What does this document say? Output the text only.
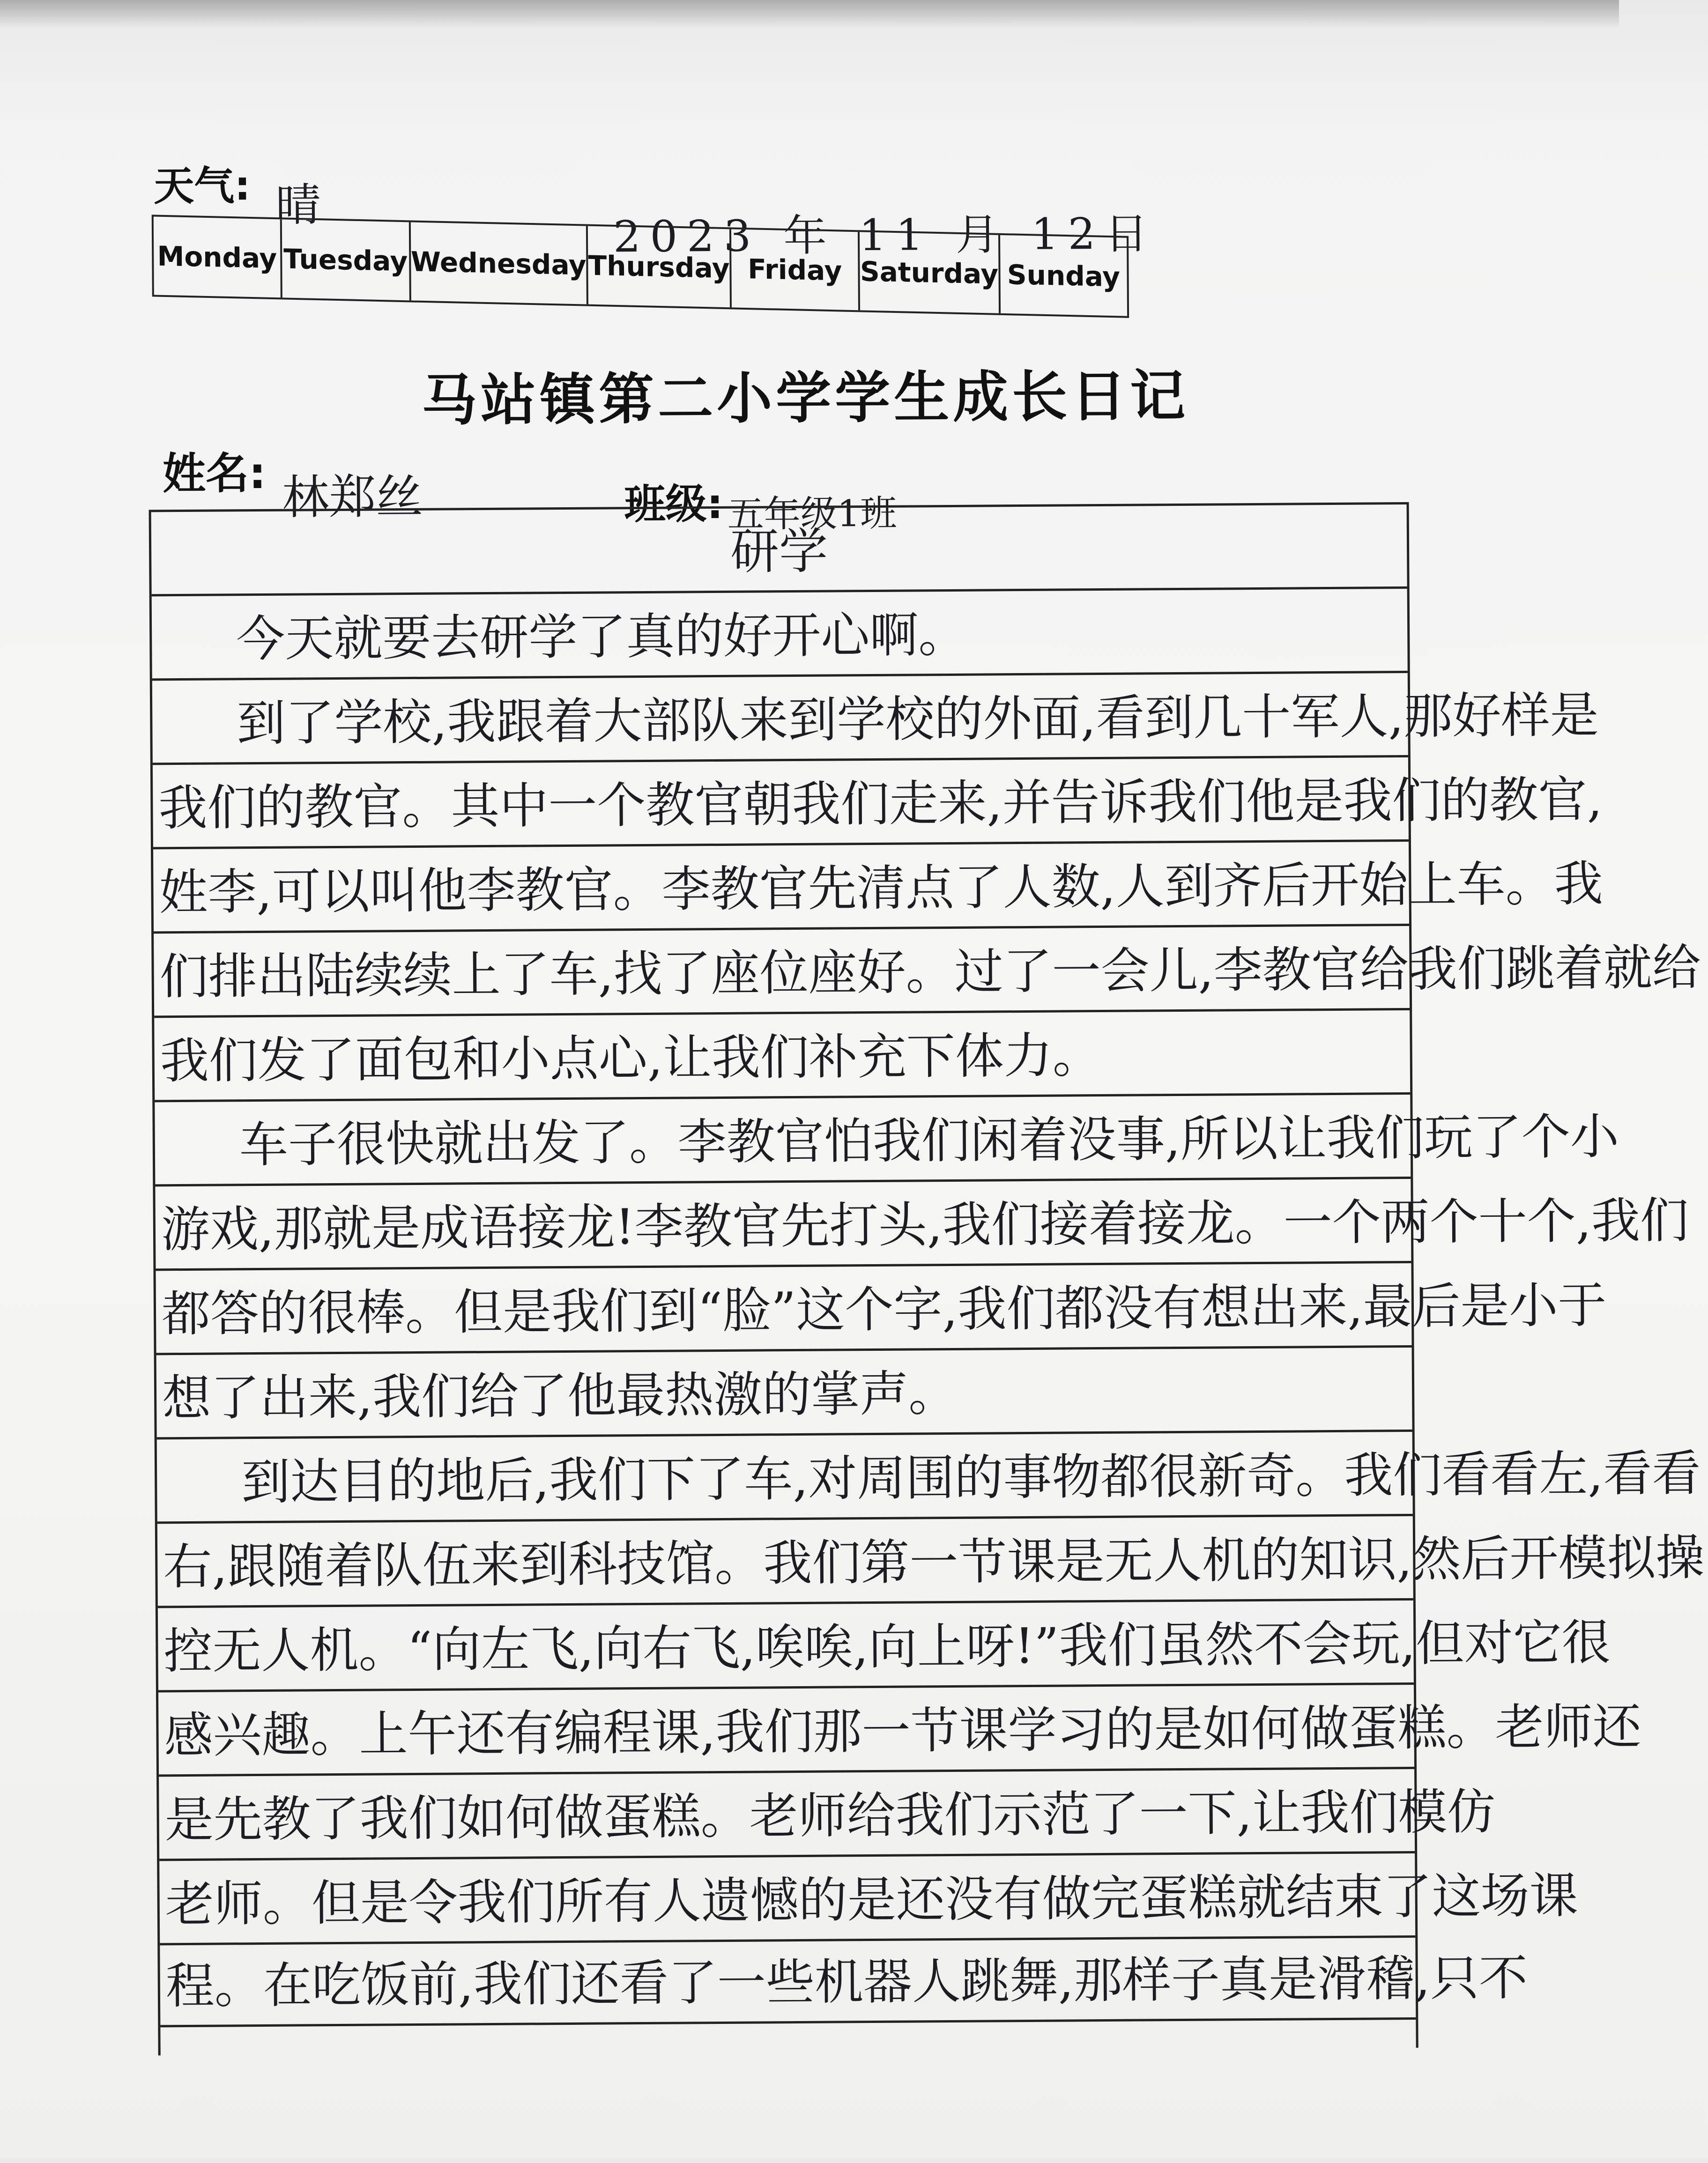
天气: 晴
2023 年 11 月 12日
Monday Tuesday Wednesday Thursday Friday Saturday Sunday
马站镇第二小学学生成长日记
姓名: 林郑丝	班级: 五年级1班
研学
今天就要去研学了真的好开心啊。
到了学校,我跟着大部队来到学校的外面,看到几十军人,那好样是
我们的教官。其中一个教官朝我们走来,并告诉我们他是我们的教官,
姓李,可以叫他李教官。李教官先清点了人数,人到齐后开始上车。我
们排出陆续续上了车,找了座位座好。过了一会儿,李教官给我们跳着就给
我们发了面包和小点心,让我们补充下体力。
车子很快就出发了。李教官怕我们闲着没事,所以让我们玩了个小
游戏,那就是成语接龙!李教官先打头,我们接着接龙。一个两个十个,我们
都答的很棒。但是我们到“脸”这个字,我们都没有想出来,最后是小于
想了出来,我们给了他最热激的掌声。
到达目的地后,我们下了车,对周围的事物都很新奇。我们看看左,看看
右,跟随着队伍来到科技馆。我们第一节课是无人机的知识,然后开模拟操
控无人机。“向左飞,向右飞,唉唉,向上呀!”我们虽然不会玩,但对它很
感兴趣。上午还有编程课,我们那一节课学习的是如何做蛋糕。老师还
是先教了我们如何做蛋糕。老师给我们示范了一下,让我们模仿
老师。但是令我们所有人遗憾的是还没有做完蛋糕就结束了这场课
程。在吃饭前,我们还看了一些机器人跳舞,那样子真是滑稽,只不
